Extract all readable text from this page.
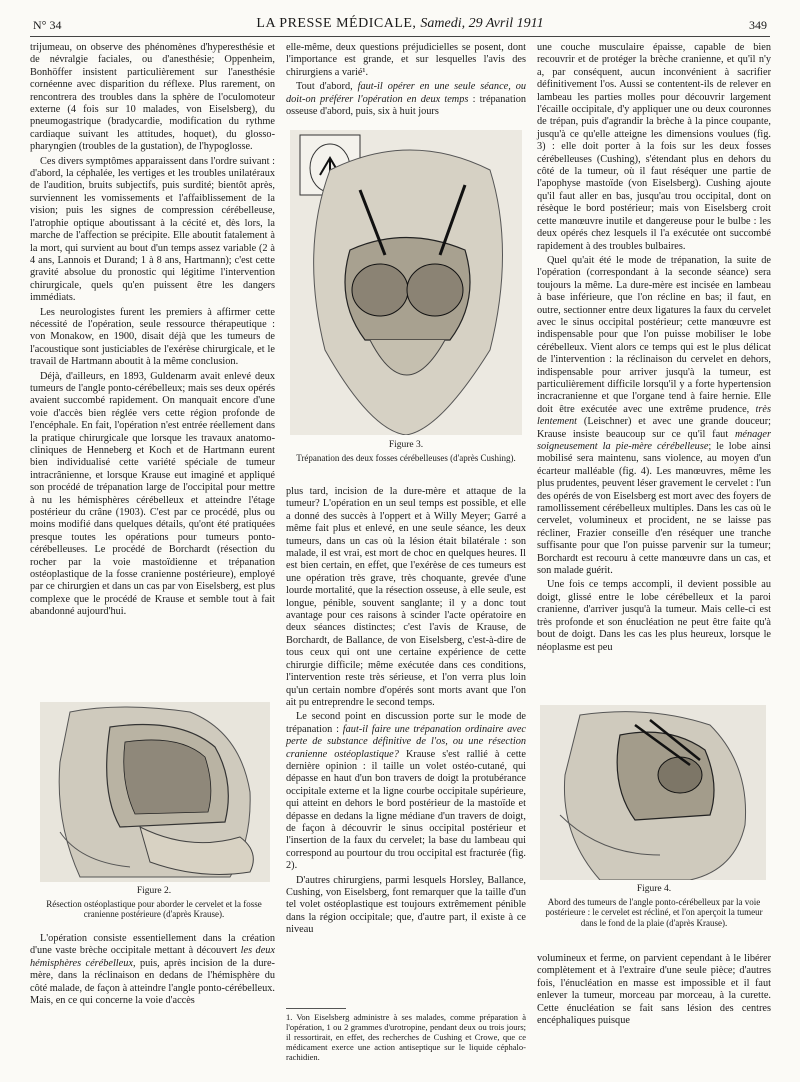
N° 34	LA PRESSE MÉDICALE, Samedi, 29 Avril 1911	349

trijumeau, on observe des phénomènes d'hyperesthésie et de névralgie faciales, ou d'anesthésie; Oppenheim, Bonhöffer insistent particulièrement sur l'anesthésie cornéenne avec disparition du réflexe. Plus rarement, on rencontrera des troubles dans la sphère de l'oculomoteur externe (4 fois sur 10 malades, von Eiselsberg), du pneumogastrique (bradycardie, modification du rythme cardiaque suivant les attitudes, hoquet), du glosso-pharyngien (troubles de la gustation), de l'hypoglosse.

Ces divers symptômes apparaissent dans l'ordre suivant : d'abord, la céphalée, les vertiges et les troubles unilatéraux de l'audition, bruits subjectifs, puis surdité; bientôt après, surviennent les vomissements et l'affaiblissement de la vision; puis les signes de compression cérébelleuse, l'atrophie optique aboutissant à la cécité et, dès lors, la marche de l'affection se précipite. Elle aboutit fatalement à la mort, qui survient au bout d'un temps assez variable (2 à 4 ans, Lannois et Durand; 1 à 8 ans, Hartmann); c'est cette gravité absolue du pronostic qui légitime l'intervention chirurgicale, quels qu'en puissent être les dangers immédiats.

Les neurologistes furent les premiers à affirmer cette nécessité de l'opération, seule ressource thérapeutique : von Monakow, en 1900, disait déjà que les tumeurs de l'acoustique sont justiciables de l'exérèse chirurgicale, et le travail de Hartmann aboutit à la même conclusion.

Déjà, d'ailleurs, en 1893, Guldenarm avait enlevé deux tumeurs de l'angle ponto-cérébelleux; mais ses deux opérés avaient succombé rapidement. On manquait encore d'une voie d'accès bien réglée vers cette région profonde de l'encéphale. En fait, l'opération n'est entrée réellement dans la pratique chirurgicale que lorsque les travaux anatomo-cliniques de Henneberg et Koch et de Hartmann eurent bien individualisé cette variété spéciale de tumeur intracrânienne, et lorsque Krause eut imaginé et appliqué son procédé de trépanation large de l'occipital pour mettre à nu les hémisphères cérébelleux et atteindre l'étage postérieur du crâne (1903). C'est par ce procédé, plus ou moins modifié dans quelques détails, qu'ont été pratiquées presque toutes les opérations pour tumeurs ponto-cérébelleuses. Le procédé de Borchardt (résection du rocher par la voie mastoïdienne et trépanation ostéoplastique de la fosse cranienne postérieure), employé par ce chirurgien et dans un cas par von Eiselsberg, est plus complexe que le procédé de Krause et semble tout à fait abandonné aujourd'hui.

Figure 2.
Résection ostéoplastique pour aborder le cervelet et la fosse cranienne postérieure (d'après Krause).

L'opération consiste essentiellement dans la création d'une vaste brèche occipitale mettant à découvert les deux hémisphères cérébelleux, puis, après incision de la dure-mère, dans la réclinaison en dedans de l'hémisphère du côté malade, de façon à atteindre l'angle ponto-cérébelleux. Mais, en ce qui concerne la voie d'accès

elle-même, deux questions préjudicielles se posent, dont l'importance est grande, et sur lesquelles l'avis des chirurgiens a varié¹.

Tout d'abord, faut-il opérer en une seule séance, ou doit-on préférer l'opération en deux temps : trépanation osseuse d'abord, puis, six à huit jours

Figure 3.
Trépanation des deux fosses cérébelleuses (d'après Cushing).

plus tard, incision de la dure-mère et attaque de la tumeur? L'opération en un seul temps est possible, et elle a donné des succès à l'oppert et à Willy Meyer; Garré a même fait plus et enlevé, en une seule séance, les deux tumeurs, dans un cas où la lésion était bilatérale : son malade, il est vrai, est mort de choc en quelques heures. Il est bien certain, en effet, que l'exérèse de ces tumeurs est une opération très grave, très choquante, grevée d'une lourde mortalité, que la résection osseuse, à elle seule, est longue, pénible, souvent sanglante; il y a donc tout avantage pour ces raisons à scinder l'acte opératoire en deux séances distinctes; c'est l'avis de Krause, de Borchardt, de Ballance, de von Eiselsberg, c'est-à-dire de tous ceux qui ont une certaine expérience de cette chirurgie difficile; même exécutée dans ces conditions, l'intervention reste très sérieuse, et l'on verra plus loin qu'un certain nombre d'opérés sont morts avant que l'on ait pu entreprendre le second temps.

Le second point en discussion porte sur le mode de trépanation : faut-il faire une trépanation ordinaire avec perte de substance définitive de l'os, ou une résection cranienne ostéoplastique? Krause s'est rallié à cette dernière opinion : il taille un volet ostéo-cutané, qui dépasse en haut d'un bon travers de doigt la protubérance occipitale externe et la ligne courbe occipitale supérieure, qui atteint en dehors le bord postérieur de la mastoïde et dépasse en dedans la ligne médiane d'un travers de doigt, de façon à découvrir le sinus occipital postérieur et l'insertion de la faux du cervelet; la base du lambeau qui correspond au pourtour du trou occipital est fracturée (fig. 2).

D'autres chirurgiens, parmi lesquels Horsley, Ballance, Cushing, von Eiselsberg, font remarquer que la taille d'un tel volet ostéoplastique est toujours extrêmement pénible dans la région occipitale; que, d'autre part, il existe à ce niveau

1. Von Eiselsberg administre à ses malades, comme préparation à l'opération, 1 ou 2 grammes d'urotropine, pendant deux ou trois jours; il ressortirait, en effet, des recherches de Cushing et Crowe, que ce médicament exerce une action antiseptique sur le liquide céphalo-rachidien.

une couche musculaire épaisse, capable de bien recouvrir et de protéger la brèche cranienne, et qu'il n'y a, par conséquent, aucun inconvénient à sacrifier définitivement l'os. Aussi se contentent-ils de relever en lambeau les parties molles pour découvrir largement l'écaille occipitale, d'y appliquer une ou deux couronnes de trépan, puis d'agrandir la brèche à la pince coupante, jusqu'à ce qu'elle atteigne les dimensions voulues (fig. 3) : elle doit porter à la fois sur les deux fosses cérébelleuses (Cushing), s'étendant plus en dehors du côté de la tumeur, où il faut réséquer une partie de l'apophyse mastoïde (von Eiselsberg). Cushing ajoute qu'il faut aller en bas, jusqu'au trou occipital, dont on résèque le bord postérieur; mais von Eiselsberg croit cette manœuvre inutile et dangereuse pour le bulbe : les deux opérés chez lesquels il l'a exécutée ont succombé rapidement à des troubles bulbaires.

Quel qu'ait été le mode de trépanation, la suite de l'opération (correspondant à la seconde séance) sera toujours la même. La dure-mère est incisée en lambeau à base inférieure, que l'on récline en bas; il faut, en outre, sectionner entre deux ligatures la faux du cervelet avec le sinus occipital postérieur; cette manœuvre est indispensable pour que l'on puisse mobiliser le lobe cérébelleux. Vient alors ce temps qui est le plus délicat de l'intervention : la réclinaison du cervelet en dehors, indispensable pour arriver jusqu'à la tumeur, est particulièrement difficile lorsqu'il y a forte hypertension incracranienne et que l'organe tend à faire hernie. Elle doit être exécutée avec une extrême prudence, très lentement (Leischner) et avec une grande douceur; Krause insiste beaucoup sur ce qu'il faut ménager soigneusement la pie-mère cérébelleuse; le lobe ainsi mobilisé sera maintenu, sans violence, au moyen d'un écarteur malléable (fig. 4). Les manœuvres, même les plus prudentes, peuvent léser gravement le cervelet : l'un des opérés de von Eiselsberg est mort avec des foyers de ramollissement cérébelleux multiples. Dans les cas où le cervelet, volumineux et procident, ne se laisse pas récliner, Frazier conseille d'en réséquer une tranche suffisante pour que l'on puisse parvenir sur la tumeur; Borchardt est recouru à cette manœuvre dans un cas, et son malade guérit.

Une fois ce temps accompli, il devient possible au doigt, glissé entre le lobe cérébelleux et la paroi cranienne, d'arriver jusqu'à la tumeur. Mais celle-ci est très profonde et son énucléation ne peut être faite qu'à bout de doigt. Dans les cas les plus heureux, lorsque le néoplasme est peu

Figure 4.
Abord des tumeurs de l'angle ponto-cérébelleux par la voie postérieure : le cervelet est récliné, et l'on aperçoit la tumeur dans le fond de la plaie (d'après Krause).

volumineux et ferme, on parvient cependant à le libérer complètement et à l'extraire d'une seule pièce; d'autres fois, l'énucléation en masse est impossible et il faut enlever la tumeur, morceau par morceau, à la curette. Cette énucléation se fait sans lésion des centres encéphaliques puisque
